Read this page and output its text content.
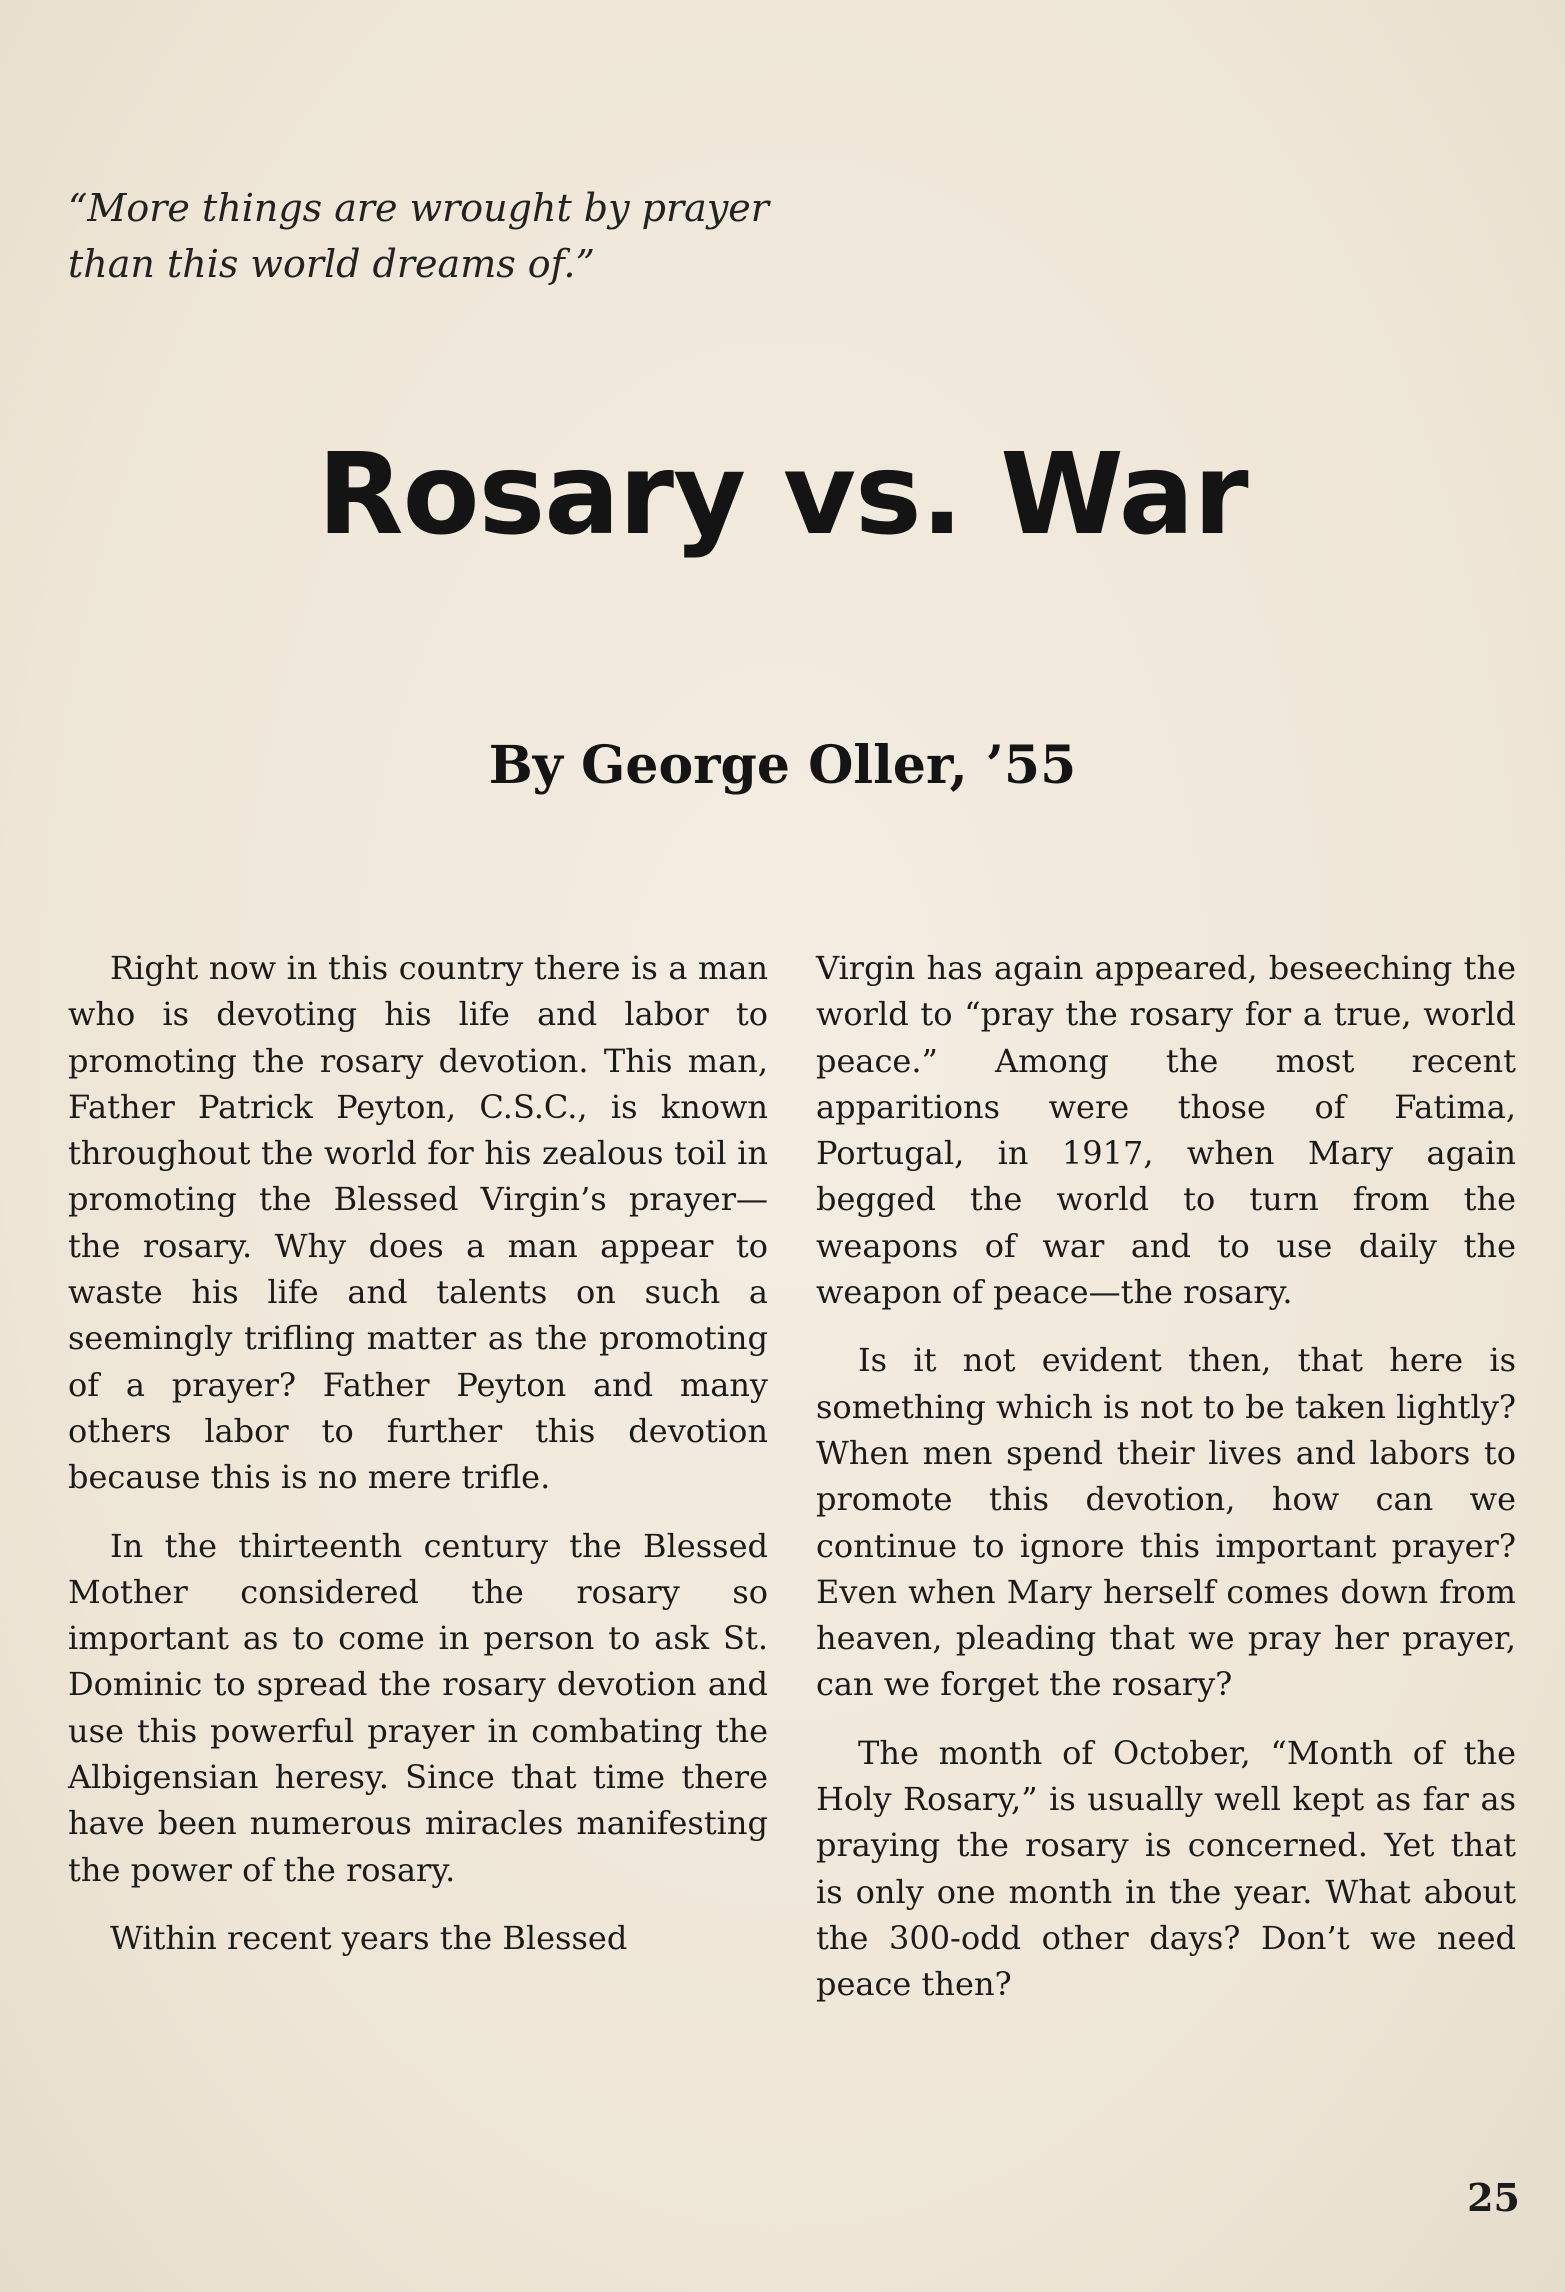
“More things are wrought by prayer
than this world dreams of.”
Rosary vs. War
By George Oller, ’55

Right now in this country there is a man who is devoting his life and labor to promoting the rosary devotion. This man, Father Patrick Peyton, C.S.C., is known throughout the world for his zealous toil in promoting the Blessed Virgin’s prayer—the rosary. Why does a man appear to waste his life and talents on such a seemingly trifling matter as the promoting of a prayer? Father Peyton and many others labor to further this devotion because this is no mere trifle.

In the thirteenth century the Blessed Mother considered the rosary so important as to come in person to ask St. Dominic to spread the rosary devotion and use this powerful prayer in combating the Albigensian heresy. Since that time there have been numerous miracles manifesting the power of the rosary.

Within recent years the Blessed

Virgin has again appeared, beseeching the world to “pray the rosary for a true, world peace.” Among the most recent apparitions were those of Fatima, Portugal, in 1917, when Mary again begged the world to turn from the weapons of war and to use daily the weapon of peace—the rosary.

Is it not evident then, that here is something which is not to be taken lightly? When men spend their lives and labors to promote this devotion, how can we continue to ignore this important prayer? Even when Mary herself comes down from heaven, pleading that we pray her prayer, can we forget the rosary?

The month of October, “Month of the Holy Rosary,” is usually well kept as far as praying the rosary is concerned. Yet that is only one month in the year. What about the 300-odd other days? Don’t we need peace then?

25
